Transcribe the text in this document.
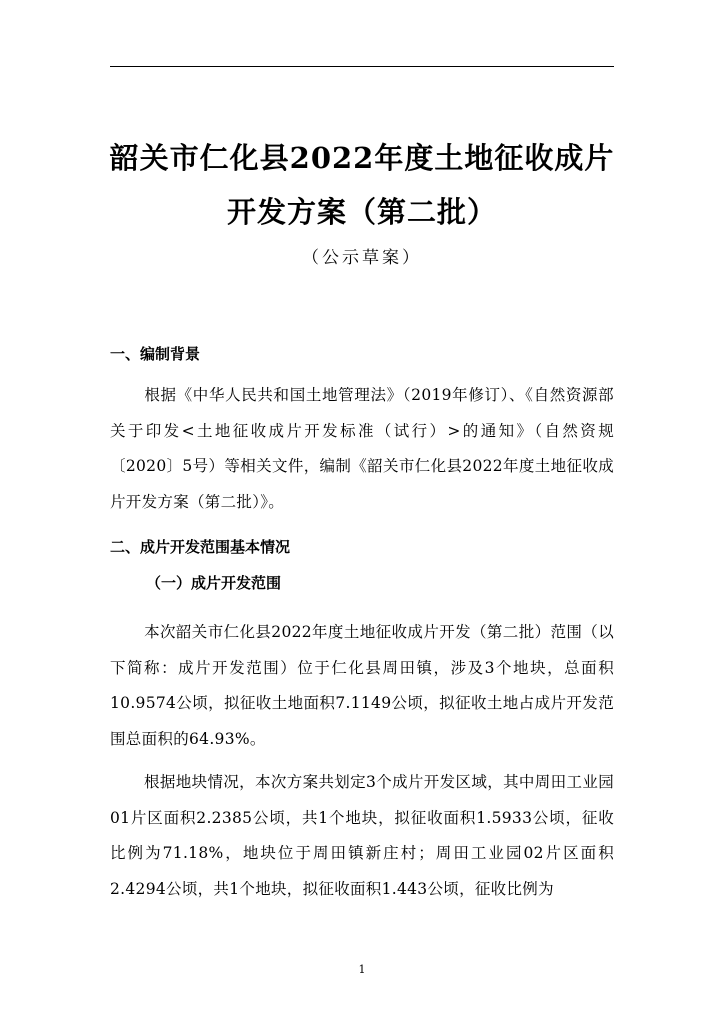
韶关市仁化县2022年度土地征收成片
开发方案（第二批）
（公示草案）
一、编制背景
根据《中华人民共和国土地管理法》（2019年修订）、《自然资源部关于印发<土地征收成片开发标准（试行）>的通知》（自然资规〔2020〕5号）等相关文件，编制《韶关市仁化县2022年度土地征收成片开发方案（第二批）》。
二、成片开发范围基本情况
（一）成片开发范围
本次韶关市仁化县2022年度土地征收成片开发（第二批）范围（以下简称：成片开发范围）位于仁化县周田镇，涉及3个地块，总面积10.9574公顷，拟征收土地面积7.1149公顷，拟征收土地占成片开发范围总面积的64.93%。
根据地块情况，本次方案共划定3个成片开发区域，其中周田工业园01片区面积2.2385公顷，共1个地块，拟征收面积1.5933公顷，征收比例为71.18%，地块位于周田镇新庄村；周田工业园02片区面积2.4294公顷，共1个地块，拟征收面积1.443公顷，征收比例为
1
